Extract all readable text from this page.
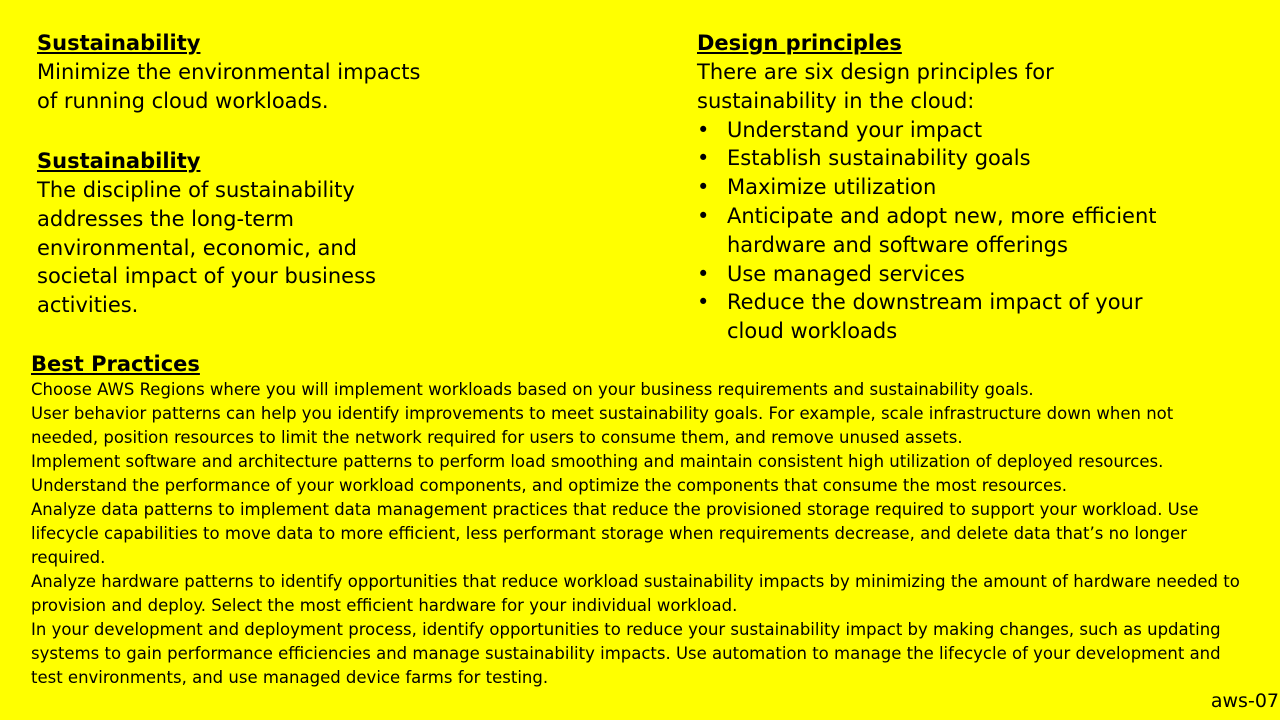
Sustainability

Minimize the environmental impacts of running cloud workloads.

Sustainability

The discipline of sustainability addresses the long-term environmental, economic, and societal impact of your business activities.

Design principles

There are six design principles for sustainability in the cloud:

• Understand your impact
• Establish sustainability goals
• Maximize utilization
• Anticipate and adopt new, more efficient hardware and software offerings
• Use managed services
• Reduce the downstream impact of your cloud workloads
Best Practices

Choose AWS Regions where you will implement workloads based on your business requirements and sustainability goals.

User behavior patterns can help you identify improvements to meet sustainability goals. For example, scale infrastructure down when not needed, position resources to limit the network required for users to consume them, and remove unused assets.

Implement software and architecture patterns to perform load smoothing and maintain consistent high utilization of deployed resources.

Understand the performance of your workload components, and optimize the components that consume the most resources.

Analyze data patterns to implement data management practices that reduce the provisioned storage required to support your workload. Use lifecycle capabilities to move data to more efficient, less performant storage when requirements decrease, and delete data that’s no longer required.

Analyze hardware patterns to identify opportunities that reduce workload sustainability impacts by minimizing the amount of hardware needed to provision and deploy. Select the most efficient hardware for your individual workload.

In your development and deployment process, identify opportunities to reduce your sustainability impact by making changes, such as updating systems to gain performance efficiencies and manage sustainability impacts. Use automation to manage the lifecycle of your development and test environments, and use managed device farms for testing.

aws-07
